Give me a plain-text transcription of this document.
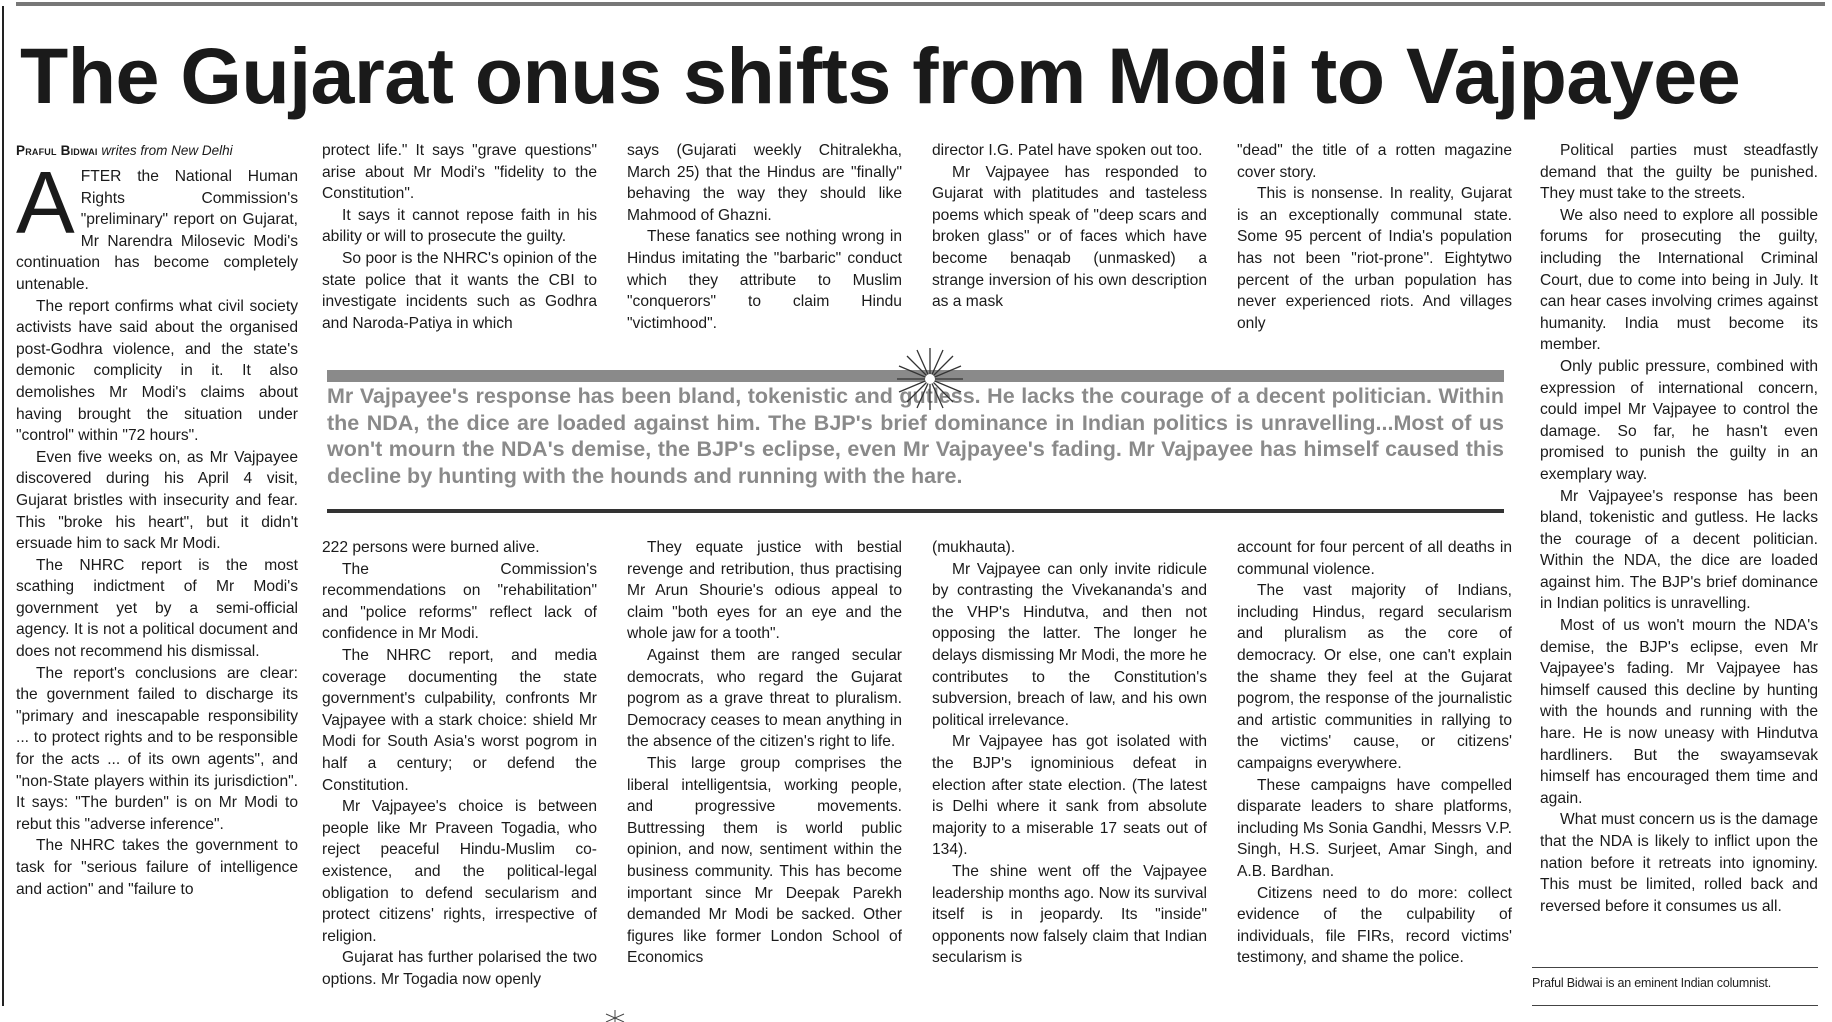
The Gujarat onus shifts from Modi to Vajpayee
Praful Bidwai writes from New Delhi

AFTER the National Human Rights Commission's "preliminary" report on Gujarat, Mr Narendra Milosevic Modi's continuation has become completely untenable.

The report confirms what civil society activists have said about the organised post-Godhra violence, and the state's demonic complicity in it. It also demolishes Mr Modi's claims about having brought the situation under "control" within "72 hours".

Even five weeks on, as Mr Vajpayee discovered during his April 4 visit, Gujarat bristles with insecurity and fear. This "broke his heart", but it didn't ersuade him to sack Mr Modi.

The NHRC report is the most scathing indictment of Mr Modi's government yet by a semi-official agency. It is not a political document and does not recommend his dismissal.

The report's conclusions are clear: the government failed to discharge its "primary and inescapable responsibility ... to protect rights and to be responsible for the acts ... of its own agents", and "non-State players within its jurisdiction". It says: "The burden" is on Mr Modi to rebut this "adverse inference".

The NHRC takes the government to task for "serious failure of intelligence and action" and "failure to

protect life." It says "grave questions" arise about Mr Modi's "fidelity to the Constitution".

It says it cannot repose faith in his ability or will to prosecute the guilty.

So poor is the NHRC's opinion of the state police that it wants the CBI to investigate incidents such as Godhra and Naroda-Patiya in which

says (Gujarati weekly Chitralekha, March 25) that the Hindus are "finally" behaving the way they should like Mahmood of Ghazni.

These fanatics see nothing wrong in Hindus imitating the "barbaric" conduct which they attribute to Muslim "conquerors" to claim Hindu "victimhood".

director I.G. Patel have spoken out too.

Mr Vajpayee has responded to Gujarat with platitudes and tasteless poems which speak of "deep scars and broken glass" or of faces which have become benaqab (unmasked) a strange inversion of his own description as a mask

"dead" the title of a rotten magazine cover story.

This is nonsense. In reality, Gujarat is an exceptionally communal state. Some 95 percent of India's population has not been "riot-prone". Eightytwo percent of the urban population has never experienced riots. And villages only

Mr Vajpayee's response has been bland, tokenistic and gutless. He lacks the courage of a decent politician. Within the NDA, the dice are loaded against him. The BJP's brief dominance in Indian politics is unravelling...Most of us won't mourn the NDA's demise, the BJP's eclipse, even Mr Vajpayee's fading. Mr Vajpayee has himself caused this decline by hunting with the hounds and running with the hare.

222 persons were burned alive.

The Commission's recommendations on "rehabilitation" and "police reforms" reflect lack of confidence in Mr Modi.

The NHRC report, and media coverage documenting the state government's culpability, confronts Mr Vajpayee with a stark choice: shield Mr Modi for South Asia's worst pogrom in half a century; or defend the Constitution.

Mr Vajpayee's choice is between people like Mr Praveen Togadia, who reject peaceful Hindu-Muslim co-existence, and the political-legal obligation to defend secularism and protect citizens' rights, irrespective of religion.

Gujarat has further polarised the two options. Mr Togadia now openly

They equate justice with bestial revenge and retribution, thus practising Mr Arun Shourie's odious appeal to claim "both eyes for an eye and the whole jaw for a tooth".

Against them are ranged secular democrats, who regard the Gujarat pogrom as a grave threat to pluralism. Democracy ceases to mean anything in the absence of the citizen's right to life.

This large group comprises the liberal intelligentsia, working people, and progressive movements. Buttressing them is world public opinion, and now, sentiment within the business community. This has become important since Mr Deepak Parekh demanded Mr Modi be sacked. Other figures like former London School of Economics

(mukhauta).

Mr Vajpayee can only invite ridicule by contrasting the Vivekananda's and the VHP's Hindutva, and then not opposing the latter. The longer he delays dismissing Mr Modi, the more he contributes to the Constitution's subversion, breach of law, and his own political irrelevance.

Mr Vajpayee has got isolated with the BJP's ignominious defeat in election after state election. (The latest is Delhi where it sank from absolute majority to a miserable 17 seats out of 134).

The shine went off the Vajpayee leadership months ago. Now its survival itself is in jeopardy. Its "inside" opponents now falsely claim that Indian secularism is

account for four percent of all deaths in communal violence.

The vast majority of Indians, including Hindus, regard secularism and pluralism as the core of democracy. Or else, one can't explain the shame they feel at the Gujarat pogrom, the response of the journalistic and artistic communities in rallying to the victims' cause, or citizens' campaigns everywhere.

These campaigns have compelled disparate leaders to share platforms, including Ms Sonia Gandhi, Messrs V.P. Singh, H.S. Surjeet, Amar Singh, and A.B. Bardhan.

Citizens need to do more: collect evidence of the culpability of individuals, file FIRs, record victims' testimony, and shame the police.

Political parties must steadfastly demand that the guilty be punished. They must take to the streets.

We also need to explore all possible forums for prosecuting the guilty, including the International Criminal Court, due to come into being in July. It can hear cases involving crimes against humanity. India must become its member.

Only public pressure, combined with expression of international concern, could impel Mr Vajpayee to control the damage. So far, he hasn't even promised to punish the guilty in an exemplary way.

Mr Vajpayee's response has been bland, tokenistic and gutless. He lacks the courage of a decent politician. Within the NDA, the dice are loaded against him. The BJP's brief dominance in Indian politics is unravelling.

Most of us won't mourn the NDA's demise, the BJP's eclipse, even Mr Vajpayee's fading. Mr Vajpayee has himself caused this decline by hunting with the hounds and running with the hare. He is now uneasy with Hindutva hardliners. But the swayamsevak himself has encouraged them time and again.

What must concern us is the damage that the NDA is likely to inflict upon the nation before it retreats into ignominy. This must be limited, rolled back and reversed before it consumes us all.

Praful Bidwai is an eminent Indian columnist.
